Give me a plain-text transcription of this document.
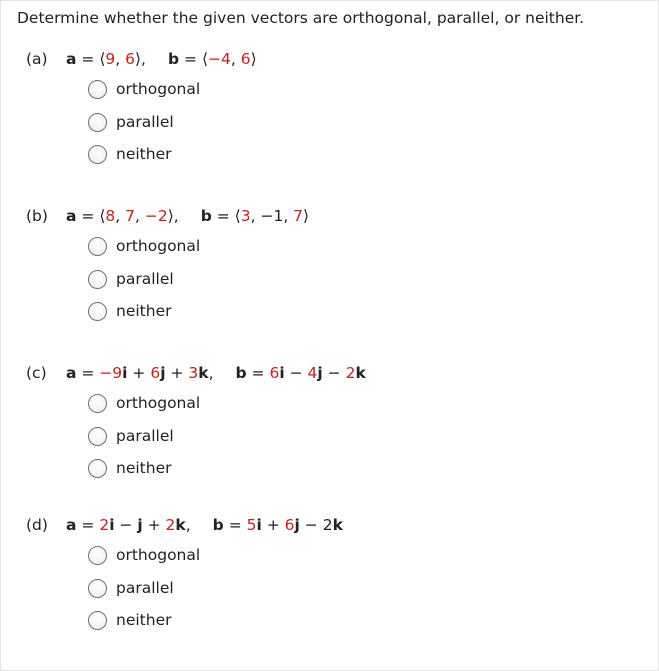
Determine whether the given vectors are orthogonal, parallel, or neither.
(a) a = ⟨9, 6⟩, b = ⟨−4, 6⟩
orthogonal
parallel
neither
(b) a = ⟨8, 7, −2⟩, b = ⟨3, −1, 7⟩
orthogonal
parallel
neither
(c) a = −9i + 6j + 3k, b = 6i − 4j − 2k
orthogonal
parallel
neither
(d) a = 2i − j + 2k, b = 5i + 6j − 2k
orthogonal
parallel
neither
